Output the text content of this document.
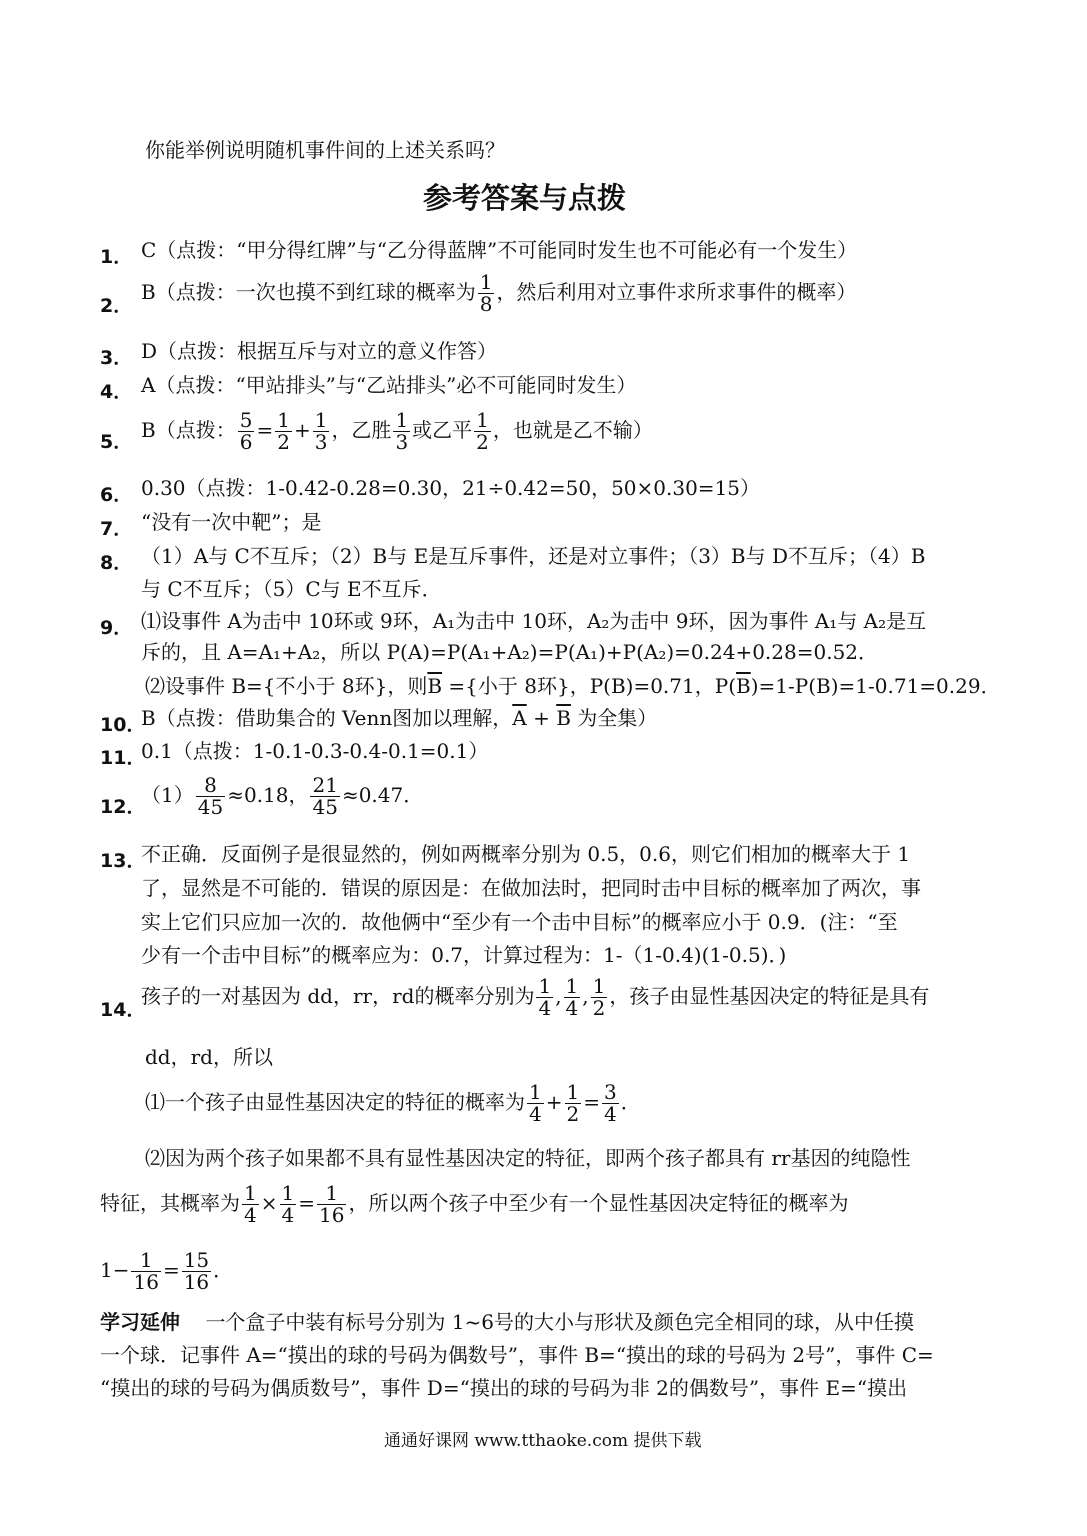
你能举例说明随机事件间的上述关系吗？
参考答案与点拨
1． C（点拨：“甲分得红牌”与“乙分得蓝牌”不可能同时发生也不可能必有一个发生）
2．
B（点拨：一次也摸不到红球的概率为 $\frac{1}{8}$ ，然后利用对立事件求所求事件的概率）
3． D（点拨：根据互斥与对立的意义作答）
4． A（点拨：“甲站排头”与“乙站排头”必不可能同时发生）
5． B（点拨： $\frac{5}{6} = \frac{1}{2} + \frac{1}{3}$ ，乙胜 $\frac{1}{3}$ 或乙平 $\frac{1}{2}$ ，也就是乙不输）
6． 0.30（点拨：1-0.42-0.28=0.30，21÷0.42=50，50×0.30=15）
7． “没有一次中靶”；是
8． （1）A与 C不互斥；（2）B与 E是互斥事件，还是对立事件；（3）B与 D不互斥；（4）B
与 C不互斥；（5）C与 E不互斥．
9． ⑴设事件 A为击中 10环或 9环，A₁为击中 10环，A₂为击中 9环，因为事件 A₁与 A₂是互
斥的，且 A=A₁+A₂，所以 P(A)=P(A₁+A₂)=P(A₁)+P(A₂)=0.24+0.28=0.52．
⑵设事件 B={不小于 8环}，则$\overline{B}$ ={小于 8环}，P(B)=0.71，$P(\overline{B})=1-P(B)=1-0.71=0.29$．
10．
B（点拨：借助集合的 Venn图加以理解，$\overline{A} + \overline{B}$ 为全集）
11．
0.1（点拨：1-0.1-0.3-0.4-0.1=0.1）
12．
$(1) \frac{8}{45} \approx 0.18$， $\frac{21}{45} \approx 0.47$．
13．
不正确．反面例子是很显然的，例如两概率分别为 0.5，0.6，则它们相加的概率大于 1
了，显然是不可能的．错误的原因是：在做加法时，把同时击中目标的概率加了两次，事
实上它们只应加一次的．故他俩中“至少有一个击中目标”的概率应小于 0.9．(注：“至
少有一个击中目标”的概率应为：0.7，计算过程为：1-（1-0.4)(1-0.5)．)
14．
孩子的一对基因为 dd，rr，rd的概率分别为 $\frac{1}{4}$ , $\frac{1}{4}$ , $\frac{1}{2}$ ，孩子由显性基因决定的特征是具有
dd，rd，所以
⑴一个孩子由显性基因决定的特征的概率为 $\frac{1}{4} + \frac{1}{2} = \frac{3}{4}$ ．
⑵因为两个孩子如果都不具有显性基因决定的特征，即两个孩子都具有 rr基因的纯隐性
特征，其概率为 $\frac{1}{4} \times \frac{1}{4} = \frac{1}{16}$ ，所以两个孩子中至少有一个显性基因决定特征的概率为
$1- \frac{1}{16} = \frac{15}{16}$ ．
学习延伸 一个盒子中装有标号分别为 1~6号的大小与形状及颜色完全相同的球，从中任摸
一个球．记事件 A=“摸出的球的号码为偶数号”，事件 B=“摸出的球的号码为 2号”，事件 C=
“摸出的球的号码为偶质数号”，事件 D=“摸出的球的号码为非 2的偶数号”，事件 E=“摸出
通通好课网 www.tthaoke.com 提供下载
